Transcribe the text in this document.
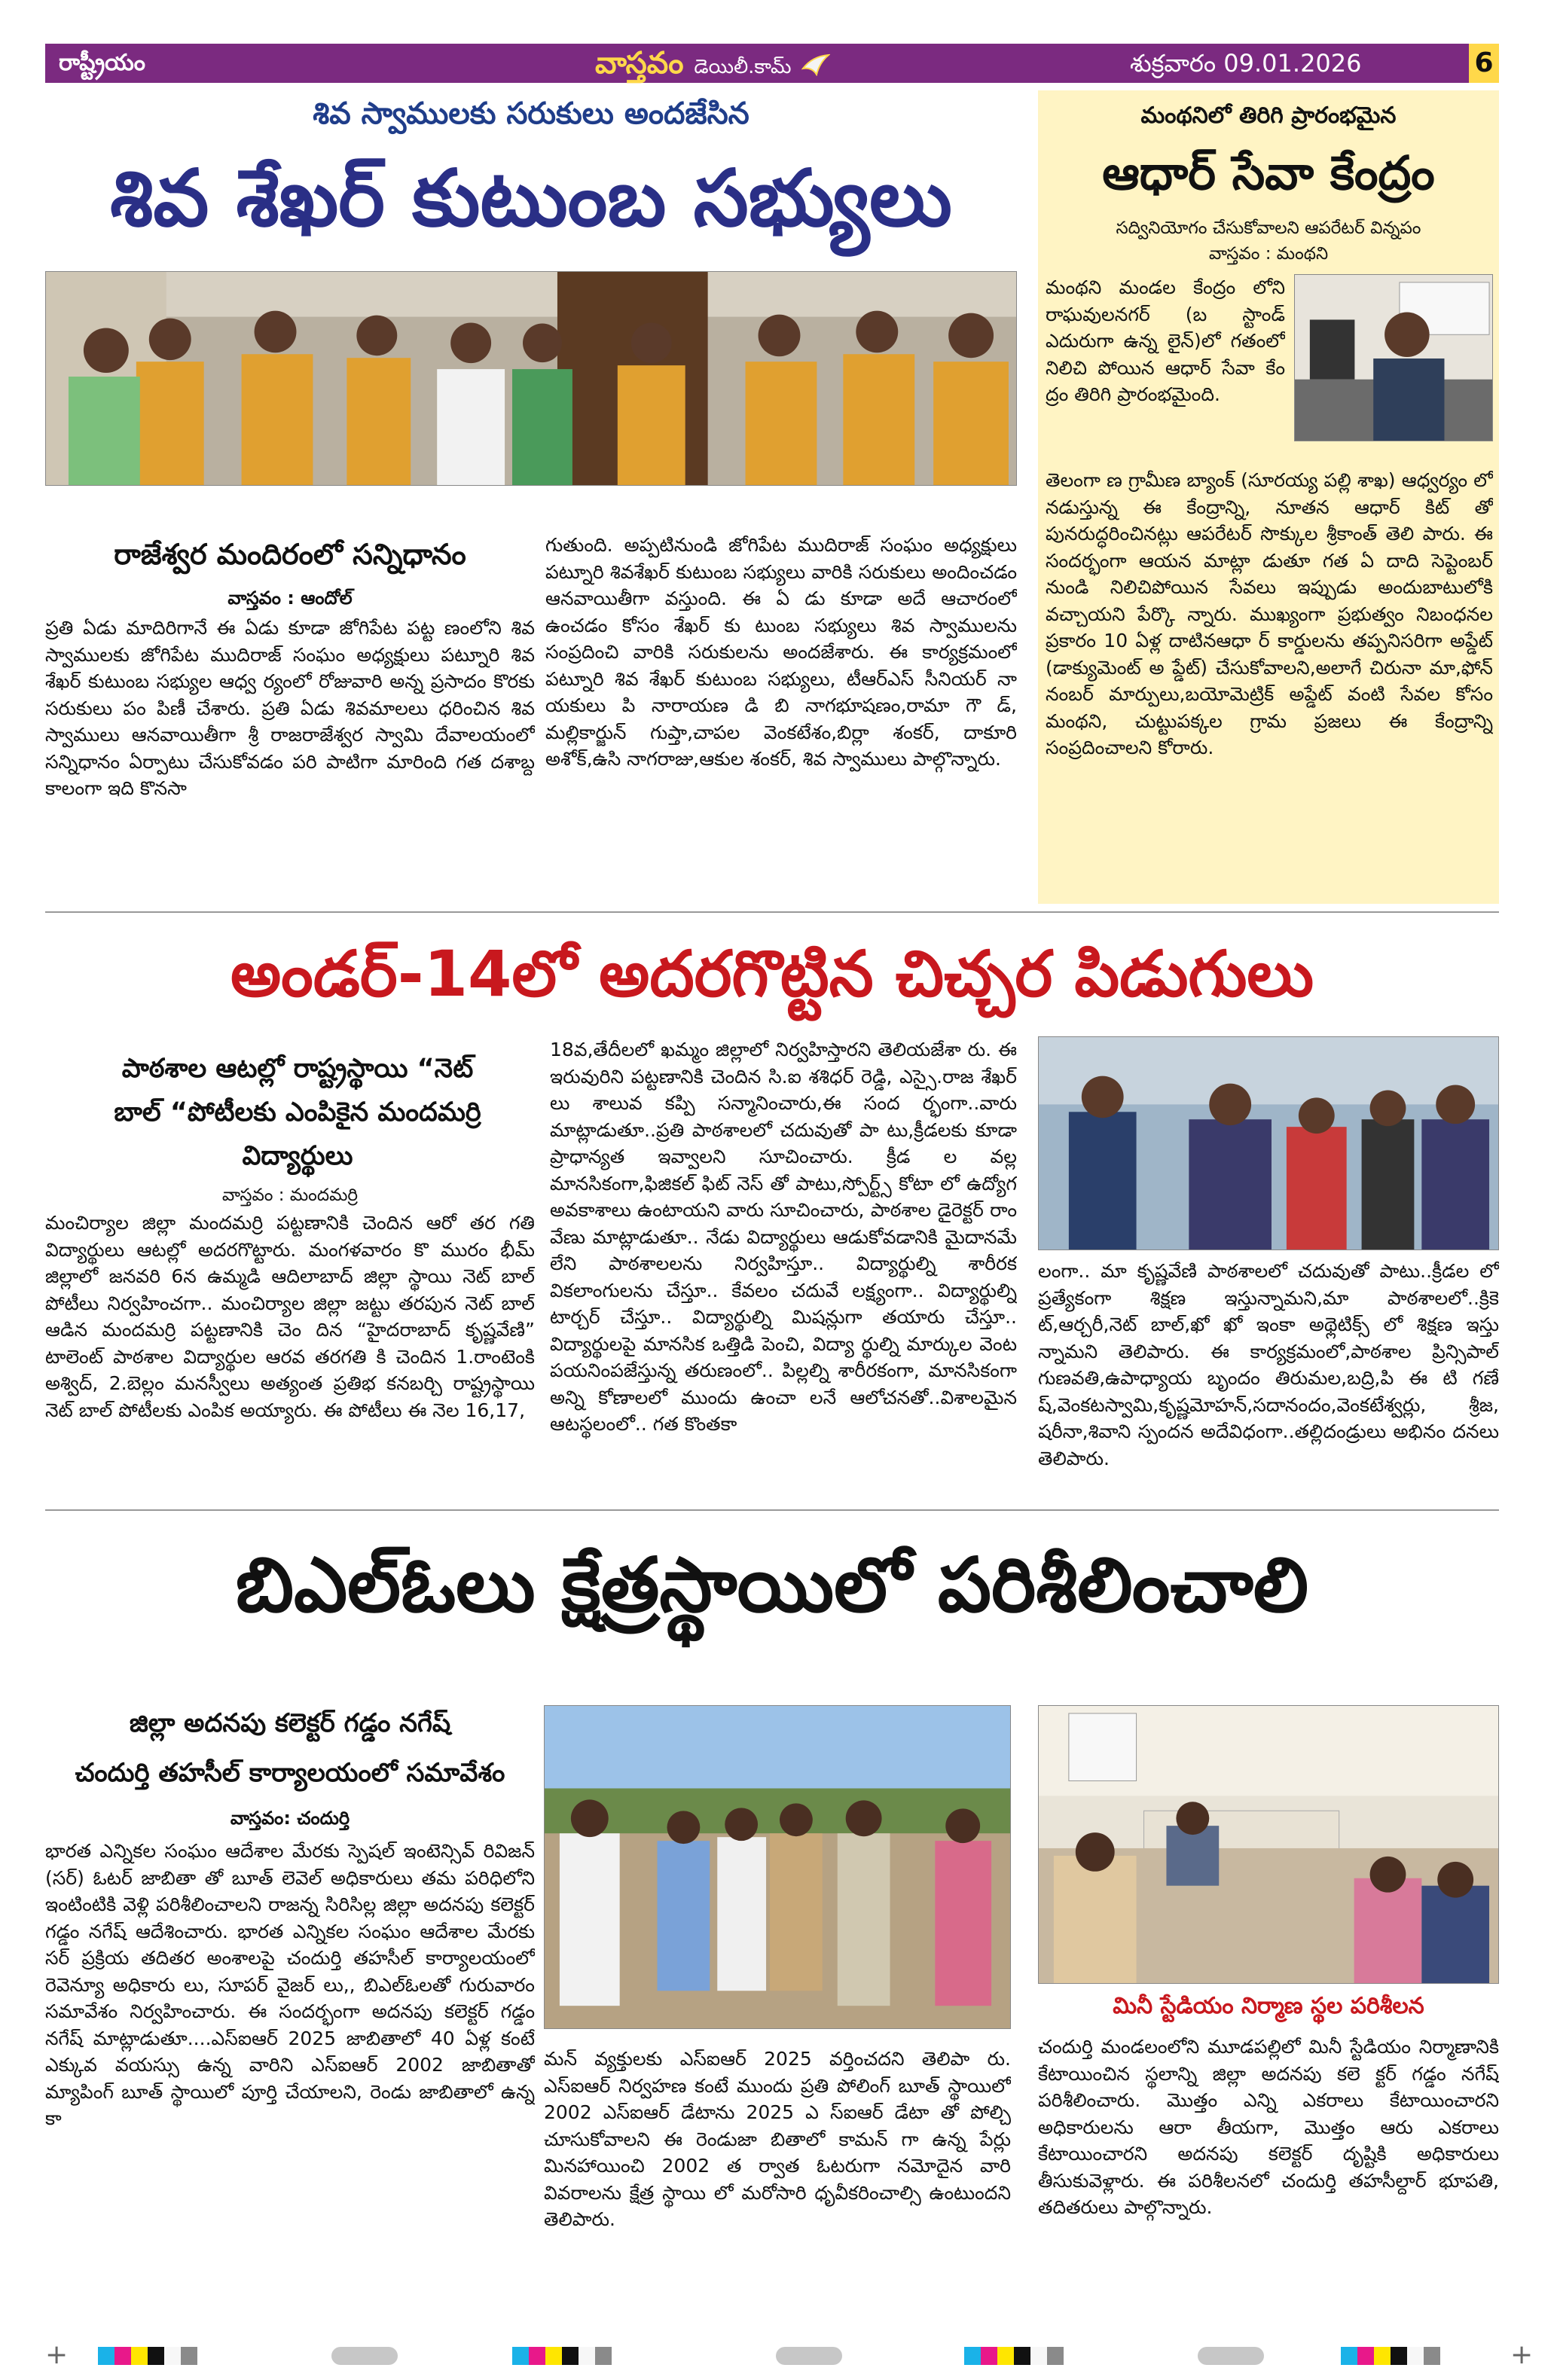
రాష్ట్రీయం	వాస్తవం డెయిలీ.కామ్	శుక్రవారం 09.01.2026	6
శివ స్వాములకు సరుకులు అందజేసిన
శివ శేఖర్ కుటుంబ సభ్యులు
రాజేశ్వర మందిరంలో సన్నిధానం
వాస్తవం : ఆందోల్
ప్రతి ఏడు మాదిరిగానే ఈ ఏడు కూడా జోగిపేట పట్ట ణంలోని శివ స్వాములకు జోగిపేట ముదిరాజ్ సంఘం అధ్యక్షులు పట్నూరి శివ శేఖర్ కుటుంబ సభ్యుల ఆధ్వ ర్యంలో రోజువారి అన్న ప్రసాదం కొరకు సరుకులు పం పిణీ చేశారు. ప్రతి ఏడు శివమాలలు ధరించిన శివ స్వాములు ఆనవాయితీగా శ్రీ రాజరాజేశ్వర స్వామి దేవాలయంలో సన్నిధానం ఏర్పాటు చేసుకోవడం పరి పాటిగా మారింది గత దశాబ్ద కాలంగా ఇది కొనసా
గుతుంది. అప్పటినుండి జోగిపేట ముదిరాజ్ సంఘం అధ్యక్షులు పట్నూరి శివశేఖర్ కుటుంబ సభ్యులు వారికి సరుకులు అందించడం ఆనవాయితీగా వస్తుంది. ఈ ఏ డు కూడా అదే ఆచారంలో ఉంచడం కోసం శేఖర్ కు టుంబ సభ్యులు శివ స్వాములను సంప్రదించి వారికి సరుకులను అందజేశారు. ఈ కార్యక్రమంలో పట్నూరి శివ శేఖర్ కుటుంబ సభ్యులు, టీఆర్ఎస్ సీనియర్ నా యకులు పి నారాయణ డి బి నాగభూషణం,రామా గౌ డ్, మల్లికార్జున్ గుప్తా,చాపల వెంకటేశం,బిర్లా శంకర్, దాకూరి అశోక్,ఉసి నాగరాజు,ఆకుల శంకర్, శివ స్వాములు పాల్గొన్నారు.
మంథనిలో తిరిగి ప్రారంభమైన
ఆధార్ సేవా కేంద్రం
సద్వినియోగం చేసుకోవాలని ఆపరేటర్ విన్నపం
వాస్తవం : మంథని
మంథని మండల కేంద్రం లోని రాఘవులనగర్ (బ స్టాండ్ ఎదురుగా ఉన్న లైన్)లో గతంలో నిలిచి పోయిన ఆధార్ సేవా కేం ద్రం తిరిగి ప్రారంభమైంది.
తెలంగా ణ గ్రామీణ బ్యాంక్ (సూరయ్య పల్లి శాఖ) ఆధ్వర్యం లో నడుస్తున్న ఈ కేంద్రాన్ని, నూతన ఆధార్ కిట్ తో పునరుద్ధరించినట్లు ఆపరేటర్ సొక్కుల శ్రీకాంత్ తెలి పారు. ఈ సందర్భంగా ఆయన మాట్లా డుతూ గత ఏ దాది సెప్టెంబర్ నుండి నిలిచిపోయిన సేవలు ఇప్పుడు అందుబాటులోకి వచ్చాయని పేర్కొ న్నారు. ముఖ్యంగా ప్రభుత్వం నిబంధనల ప్రకారం 10 ఏళ్ల దాటినఆధా ర్ కార్డులను తప్పనిసరిగా అప్డేట్ (డాక్యుమెంట్ అ ప్డేట్) చేసుకోవాలని,అలాగే చిరునా మా,ఫోన్ నంబర్ మార్పులు,బయోమెట్రిక్ అప్డేట్ వంటి సేవల కోసం మంథని, చుట్టుపక్కల గ్రామ ప్రజలు ఈ కేంద్రాన్ని సంప్రదించాలని కోరారు.
అండర్-14లో అదరగొట్టిన చిచ్చర పిడుగులు
పాఠశాల ఆటల్లో రాష్ట్రస్థాయి “నెట్ బాల్ “పోటీలకు ఎంపికైన మందమర్రి విద్యార్థులు
వాస్తవం : మందమర్రి
మంచిర్యాల జిల్లా మందమర్రి పట్టణానికి చెందిన ఆరో తర గతి విద్యార్థులు ఆటల్లో అదరగొట్టారు. మంగళవారం కొ మురం భీమ్ జిల్లాలో జనవరి 6న ఉమ్మడి ఆదిలాబాద్ జిల్లా స్థాయి నెట్ బాల్ పోటీలు నిర్వహించగా.. మంచిర్యాల జిల్లా జట్టు తరపున నెట్ బాల్ ఆడిన మందమర్రి పట్టణానికి చెం దిన “హైదరాబాద్ కృష్ణవేణి” టాలెంట్ పాఠశాల విద్యార్థుల ఆరవ తరగతి కి చెందిన 1.రాంటెంకి అశ్విద్, 2.బెల్లం మనస్వీలు అత్యంత ప్రతిభ కనబర్చి రాష్ట్రస్థాయి నెట్ బాల్ పోటీలకు ఎంపిక అయ్యారు. ఈ పోటీలు ఈ నెల 16,17,
18వ,తేదీలలో ఖమ్మం జిల్లాలో నిర్వహిస్తారని తెలియజేశా రు. ఈ ఇరువురిని పట్టణానికి చెందిన సి.ఐ శశిధర్ రెడ్డి, ఎస్సై.రాజ శేఖర్ లు శాలువ కప్పి సన్మానించారు,ఈ సంద ర్భంగా..వారు మాట్లాడుతూ..ప్రతి పాఠశాలలో చదువుతో పా టు,క్రీడలకు కూడా ప్రాధాన్యత ఇవ్వాలని సూచించారు. క్రీడ ల వల్ల మానసికంగా,ఫిజికల్ ఫిట్ నెస్ తో పాటు,స్పోర్ట్స్ కోటా లో ఉద్యోగ అవకాశాలు ఉంటాయని వారు సూచించారు, పాఠశాల డైరెక్టర్ రాం వేణు మాట్లాడుతూ.. నేడు విద్యార్థులు ఆడుకోవడానికి మైదానమే లేని పాఠశాలలను నిర్వహిస్తూ.. విద్యార్థుల్ని శారీరక వికలాంగులను చేస్తూ.. కేవలం చదువే లక్ష్యంగా.. విద్యార్థుల్ని టార్చర్ చేస్తూ.. విద్యార్థుల్ని మిషన్లుగా తయారు చేస్తూ.. విద్యార్థులపై మానసిక ఒత్తిడి పెంచి, విద్యా ర్థుల్ని మార్కుల వెంట పయనింపజేస్తున్న తరుణంలో.. పిల్లల్ని శారీరకంగా, మానసికంగా అన్ని కోణాలలో ముందు ఉంచా లనే ఆలోచనతో..విశాలమైన ఆటస్థలంలో.. గత కొంతకా
లంగా.. మా కృష్ణవేణి పాఠశాలలో చదువుతో పాటు..క్రీడల లో ప్రత్యేకంగా శిక్షణ ఇస్తున్నామని,మా పాఠశాలలో..క్రికె ట్,ఆర్చరీ,నెట్ బాల్,ఖో ఖో ఇంకా అథ్లెటిక్స్ లో శిక్షణ ఇస్తు న్నామని తెలిపారు. ఈ కార్యక్రమంలో,పాఠశాల ప్రిన్సిపాల్ గుణవతి,ఉపాధ్యాయ బృందం తిరుమల,బద్రి,పి ఈ టి గణే ష్,వెంకటస్వామి,కృష్ణమోహన్,సదానందం,వెంకటేశ్వర్లు, శ్రీజ, షరీనా,శివాని స్పందన అదేవిధంగా..తల్లిదండ్రులు అభినం దనలు తెలిపారు.
బిఎల్ఓలు క్షేత్రస్థాయిలో పరిశీలించాలి
జిల్లా అదనపు కలెక్టర్ గడ్డం నగేష్
చందుర్తి తహసీల్ కార్యాలయంలో సమావేశం
వాస్తవం: చందుర్తి
భారత ఎన్నికల సంఘం ఆదేశాల మేరకు స్పెషల్ ఇంటెన్సివ్ రివిజన్ (సర్) ఓటర్ జాబితా తో బూత్ లెవెల్ అధికారులు తమ పరిధిలోని ఇంటింటికి వెళ్లి పరిశీలించాలని రాజన్న సిరిసిల్ల జిల్లా అదనపు కలెక్టర్ గడ్డం నగేష్ ఆదేశించారు. భారత ఎన్నికల సంఘం ఆదేశాల మేరకు సర్ ప్రక్రియ తదితర అంశాలపై చందుర్తి తహసీల్ కార్యాలయంలో రెవెన్యూ అధికారు లు, సూపర్ వైజర్ లు,, బిఎల్ఓలతో గురువారం సమావేశం నిర్వహించారు. ఈ సందర్భంగా అదనపు కలెక్టర్ గడ్డం నగేష్ మాట్లాడుతూ....ఎస్ఐఆర్ 2025 జాబితాలో 40 ఏళ్ల కంటే ఎక్కువ వయస్సు ఉన్న వారిని ఎస్ఐఆర్ 2002 జాబితాతో మ్యాపింగ్ బూత్ స్థాయిలో పూర్తి చేయాలని, రెండు జాబితాలో ఉన్న కా
మన్ వ్యక్తులకు ఎస్ఐఆర్ 2025 వర్తించదని తెలిపా రు. ఎస్ఐఆర్ నిర్వహణ కంటే ముందు ప్రతి పోలింగ్ బూత్ స్థాయిలో 2002 ఎస్ఐఆర్ డేటాను 2025 ఎ స్ఐఆర్ డేటా తో పోల్చి చూసుకోవాలని ఈ రెండుజా బితాలో కామన్ గా ఉన్న పేర్లు మినహాయించి 2002 త ర్వాత ఓటరుగా నమోదైన వారి వివరాలను క్షేత్ర స్థాయి లో మరోసారి ధృవీకరించాల్సి ఉంటుందని తెలిపారు.
మినీ స్టేడియం నిర్మాణ స్థల పరిశీలన
చందుర్తి మండలంలోని మూడపల్లిలో మినీ స్టేడియం నిర్మాణానికి కేటాయించిన స్థలాన్ని జిల్లా అదనపు కలె క్టర్ గడ్డం నగేష్ పరిశీలించారు. మొత్తం ఎన్ని ఎకరాలు కేటాయించారని అధికారులను ఆరా తీయగా, మొత్తం ఆరు ఎకరాలు కేటాయించారని అదనపు కలెక్టర్ దృష్టికి అధికారులు తీసుకువెళ్లారు. ఈ పరిశీలనలో చందుర్తి తహసీల్దార్ భూపతి, తదితరులు పాల్గొన్నారు.
+	+
